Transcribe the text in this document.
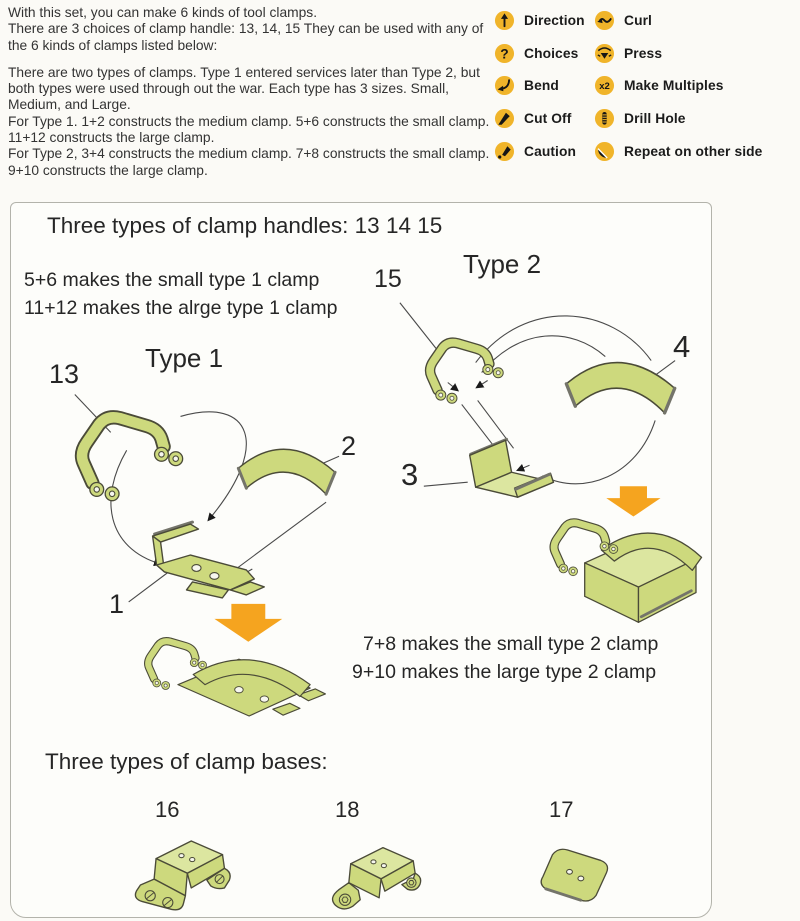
With this set, you can make 6 kinds of tool clamps.
There are 3 choices of clamp handle: 13, 14, 15 They can be used with any of
the 6 kinds of clamps listed below:
There are two types of clamps. Type 1 entered services later than Type 2, but
both types were used through out the war. Each type has 3 sizes. Small,
Medium, and Large.
For Type 1. 1+2 constructs the medium clamp. 5+6 constructs the small clamp.
11+12 constructs the large clamp.
For Type 2, 3+4 constructs the medium clamp. 7+8 constructs the small clamp.
9+10 constructs the large clamp.
Direction
? Choices
Bend
Cut Off
Caution
Curl
Press
x2 Make Multiples
Drill Hole
Repeat on other side
Three types of clamp handles: 13 14 15
5+6 makes the small type 1 clamp
11+12 makes the alrge type 1 clamp
15 Type 2
Type 1
13
2
4
3
1
7+8 makes the small type 2 clamp
9+10 makes the large type 2 clamp
Three types of clamp bases:
16	18	17
